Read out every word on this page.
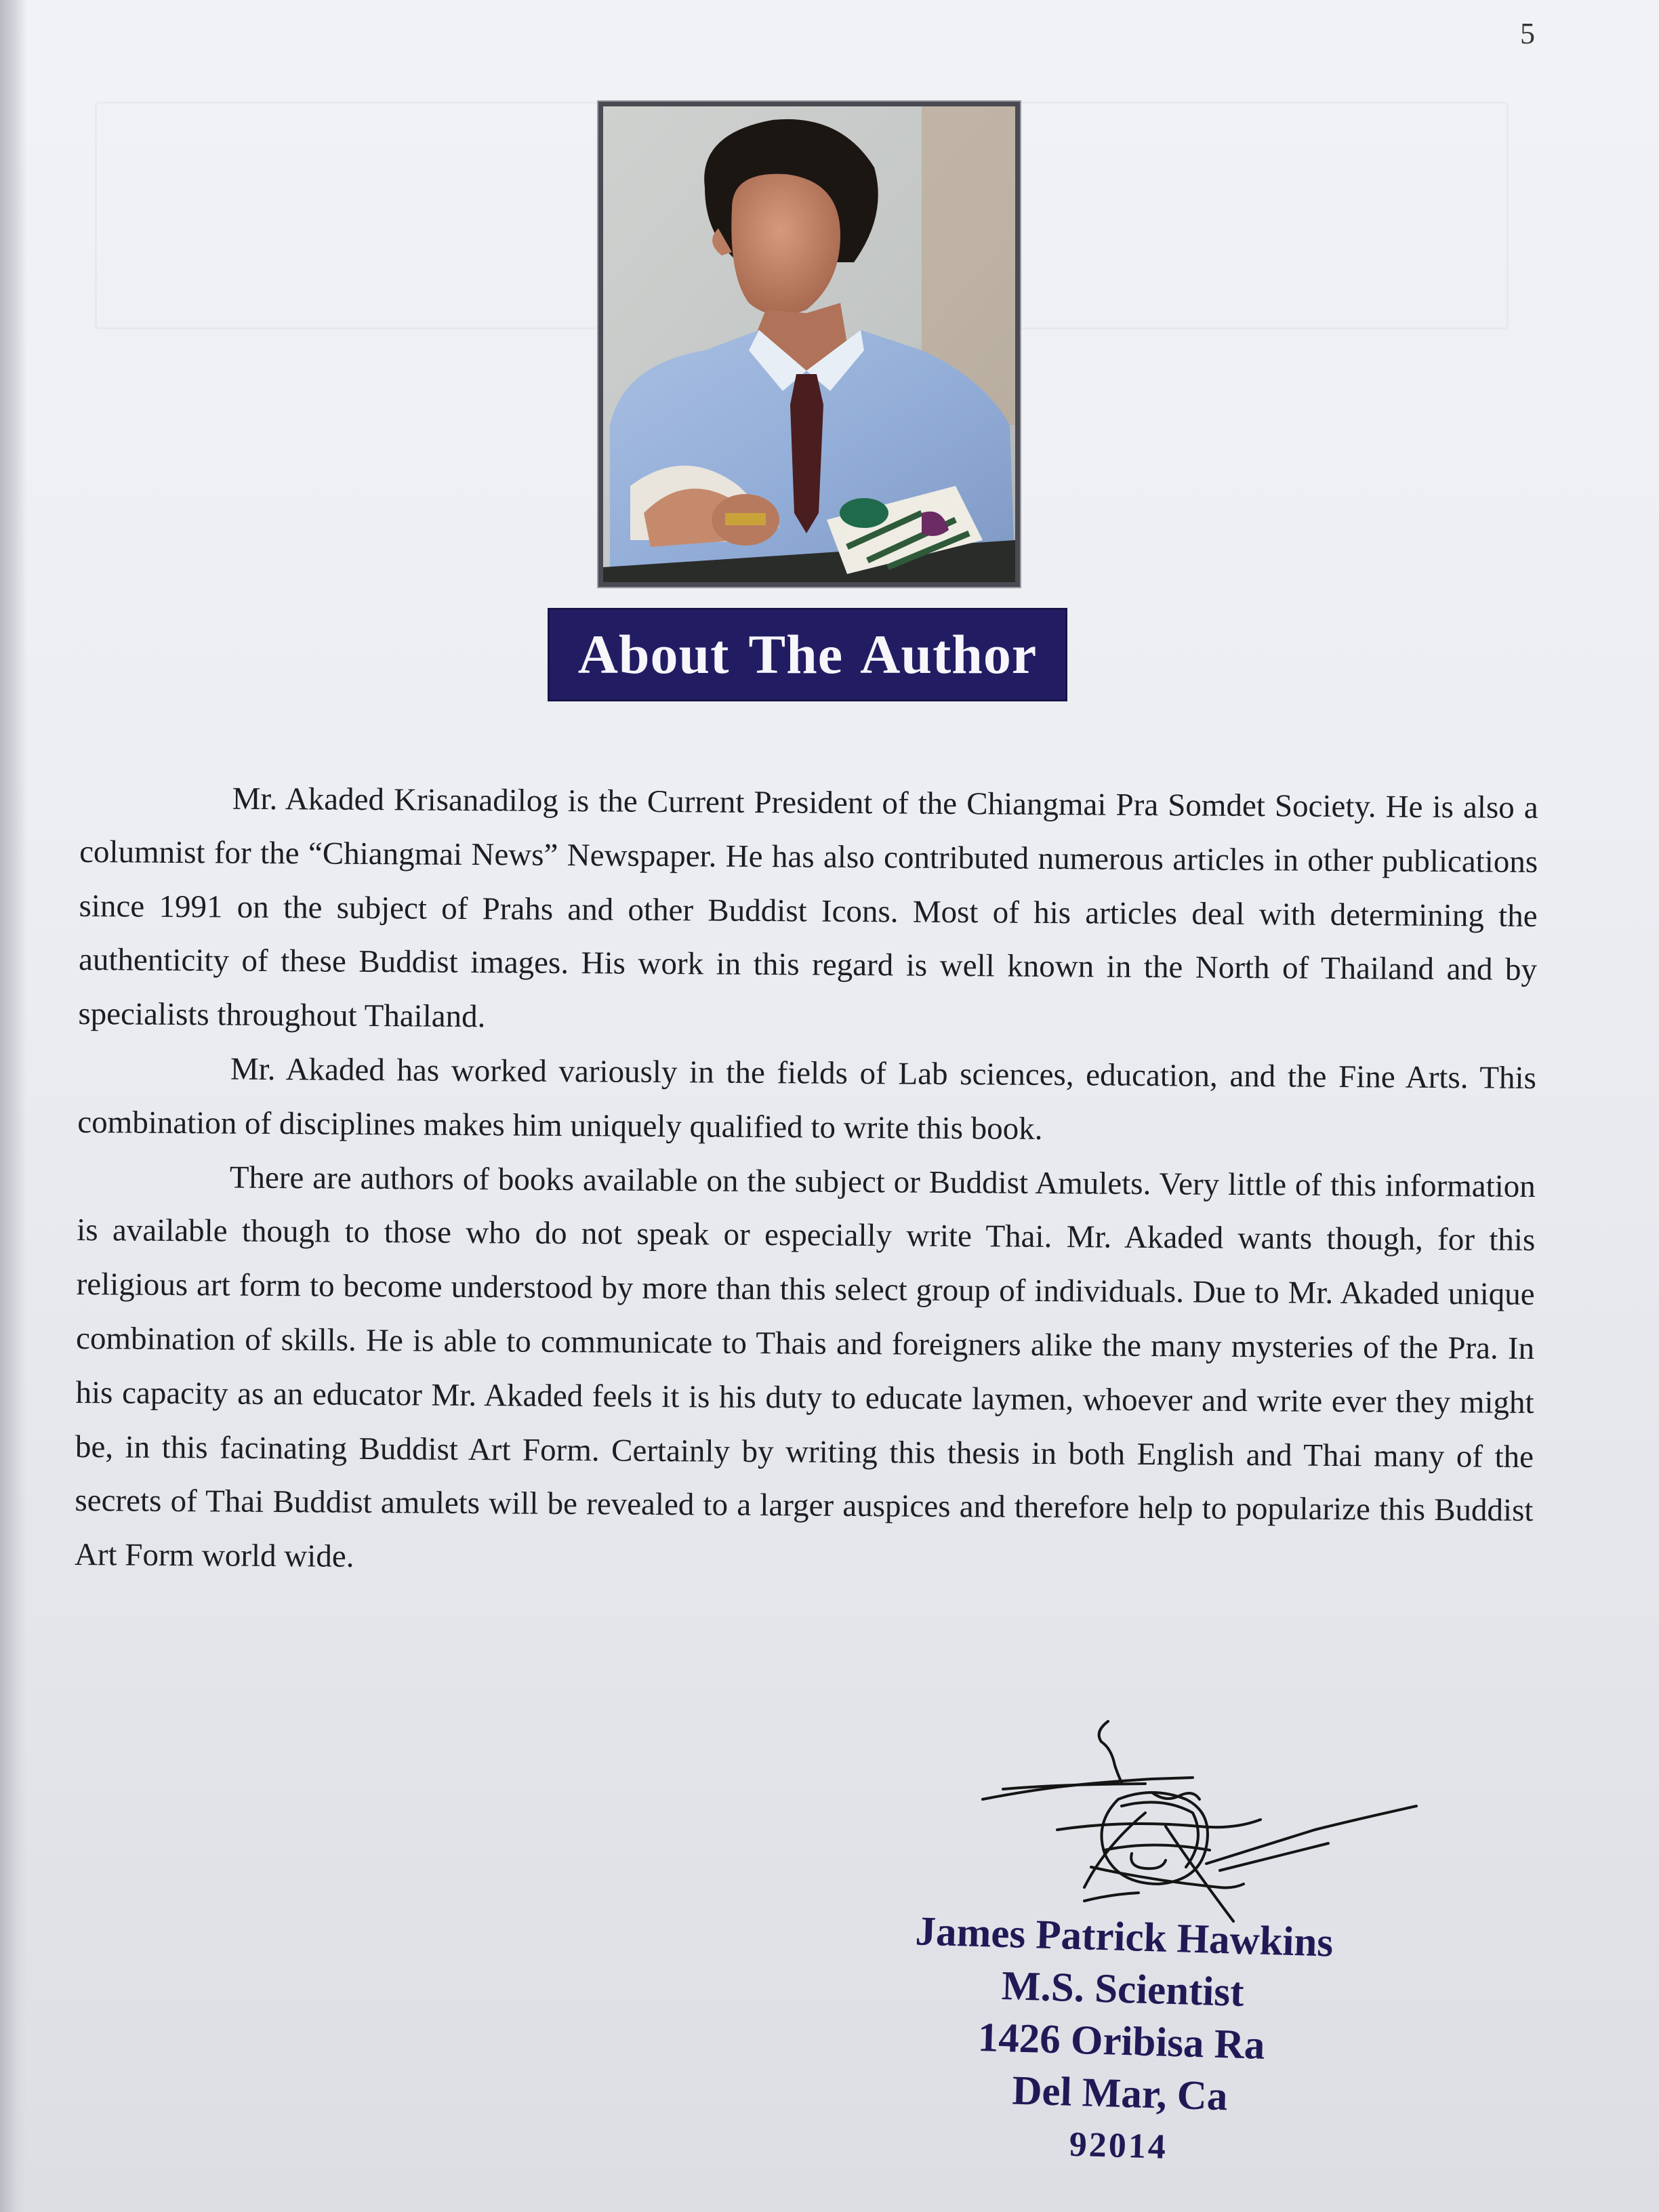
5
About The Author

Mr. Akaded Krisanadilog is the Current President of the Chiangmai Pra Somdet Society. He is also a columnist for the “Chiangmai News” Newspaper. He has also contributed numerous articles in other publications since 1991 on the subject of Prahs and other Buddist Icons. Most of his articles deal with determining the authenticity of these Buddist images. His work in this regard is well known in the North of Thailand and by specialists throughout Thailand.

Mr. Akaded has worked variously in the fields of Lab sciences, education, and the Fine Arts. This combination of disciplines makes him uniquely qualified to write this book.

There are authors of books available on the subject or Buddist Amulets. Very little of this information is available though to those who do not speak or especially write Thai. Mr. Akaded wants though, for this religious art form to become understood by more than this select group of individuals. Due to Mr. Akaded unique combination of skills. He is able to communicate to Thais and foreigners alike the many mysteries of the Pra. In his capacity as an educator Mr. Akaded feels it is his duty to educate laymen, whoever and write ever they might be, in this facinating Buddist Art Form. Certainly by writing this thesis in both English and Thai many of the secrets of Thai Buddist amulets will be revealed to a larger auspices and therefore help to popularize this Buddist Art Form world wide.

James Patrick Hawkins
M.S. Scientist
1426 Oribisa Ra
Del Mar, Ca
92014
